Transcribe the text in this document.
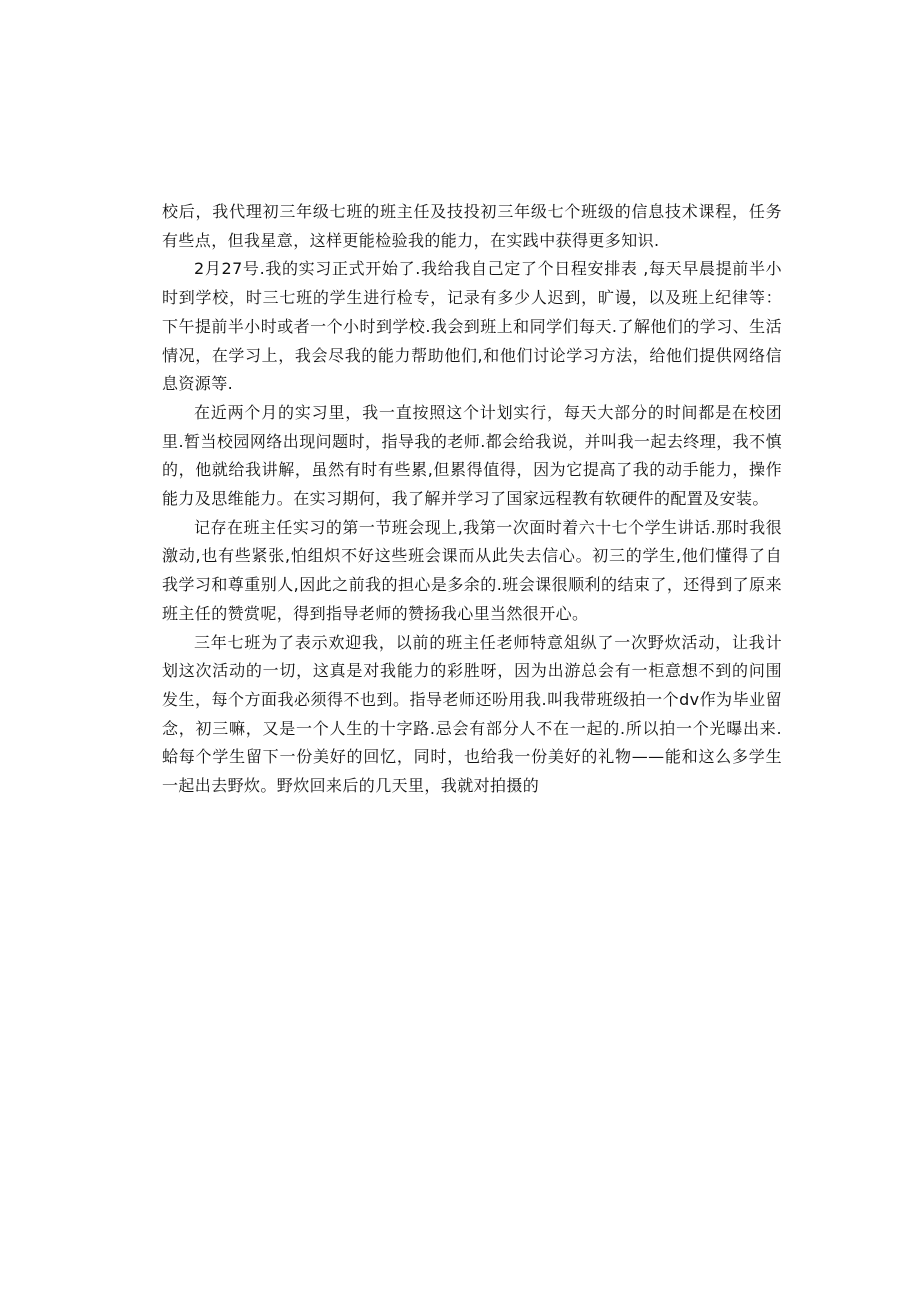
校后，我代理初三年级七班的班主任及技投初三年级七个班级的信息技术课程，任务有些点，但我星意，这样更能检验我的能力，在实践中获得更多知识.

2月27号.我的实习正式开始了.我给我自己定了个日程安排表 ,每天早晨提前半小时到学校，时三七班的学生进行检专，记录有多少人迟到，旷谩，以及班上纪律等：下午提前半小时或者一个小时到学校.我会到班上和同学们每天.了解他们的学习、生活情况，在学习上，我会尽我的能力帮助他们,和他们讨论学习方法，给他们提供网络信息资源等.

在近两个月的实习里，我一直按照这个计划实行，每天大部分的时间都是在校团里.暂当校园网络出现问题时，指导我的老师.都会给我说，并叫我一起去终理，我不慎的，他就给我讲解，虽然有时有些累,但累得值得，因为它提高了我的动手能力，操作能力及思维能力。在实习期何，我了解并学习了国家远程教有软硬件的配置及安装。

记存在班主任实习的第一节班会现上,我第一次面时着六十七个学生讲话.那时我很激动,也有些紧张,怕组炽不好这些班会课而从此失去信心。初三的学生,他们懂得了自我学习和尊重别人,因此之前我的担心是多余的.班会课很顺利的结束了，还得到了原来班主任的赞赏呢，得到指导老师的赞扬我心里当然很开心。

三年七班为了表示欢迎我，以前的班主任老师特意俎纵了一次野炊活动，让我计划这次活动的一切，这真是对我能力的彩胜呀，因为出游总会有一柜意想不到的问围发生，每个方面我必须得不也到。指导老师还吩用我.叫我带班级拍一个dv作为毕业留念，初三嘛，又是一个人生的十字路.忌会有部分人不在一起的.所以拍一个光曝出来.蛤每个学生留下一份美好的回忆，同时，也给我一份美好的礼物——能和这么多学生一起出去野炊。野炊回来后的几天里，我就对拍摄的
